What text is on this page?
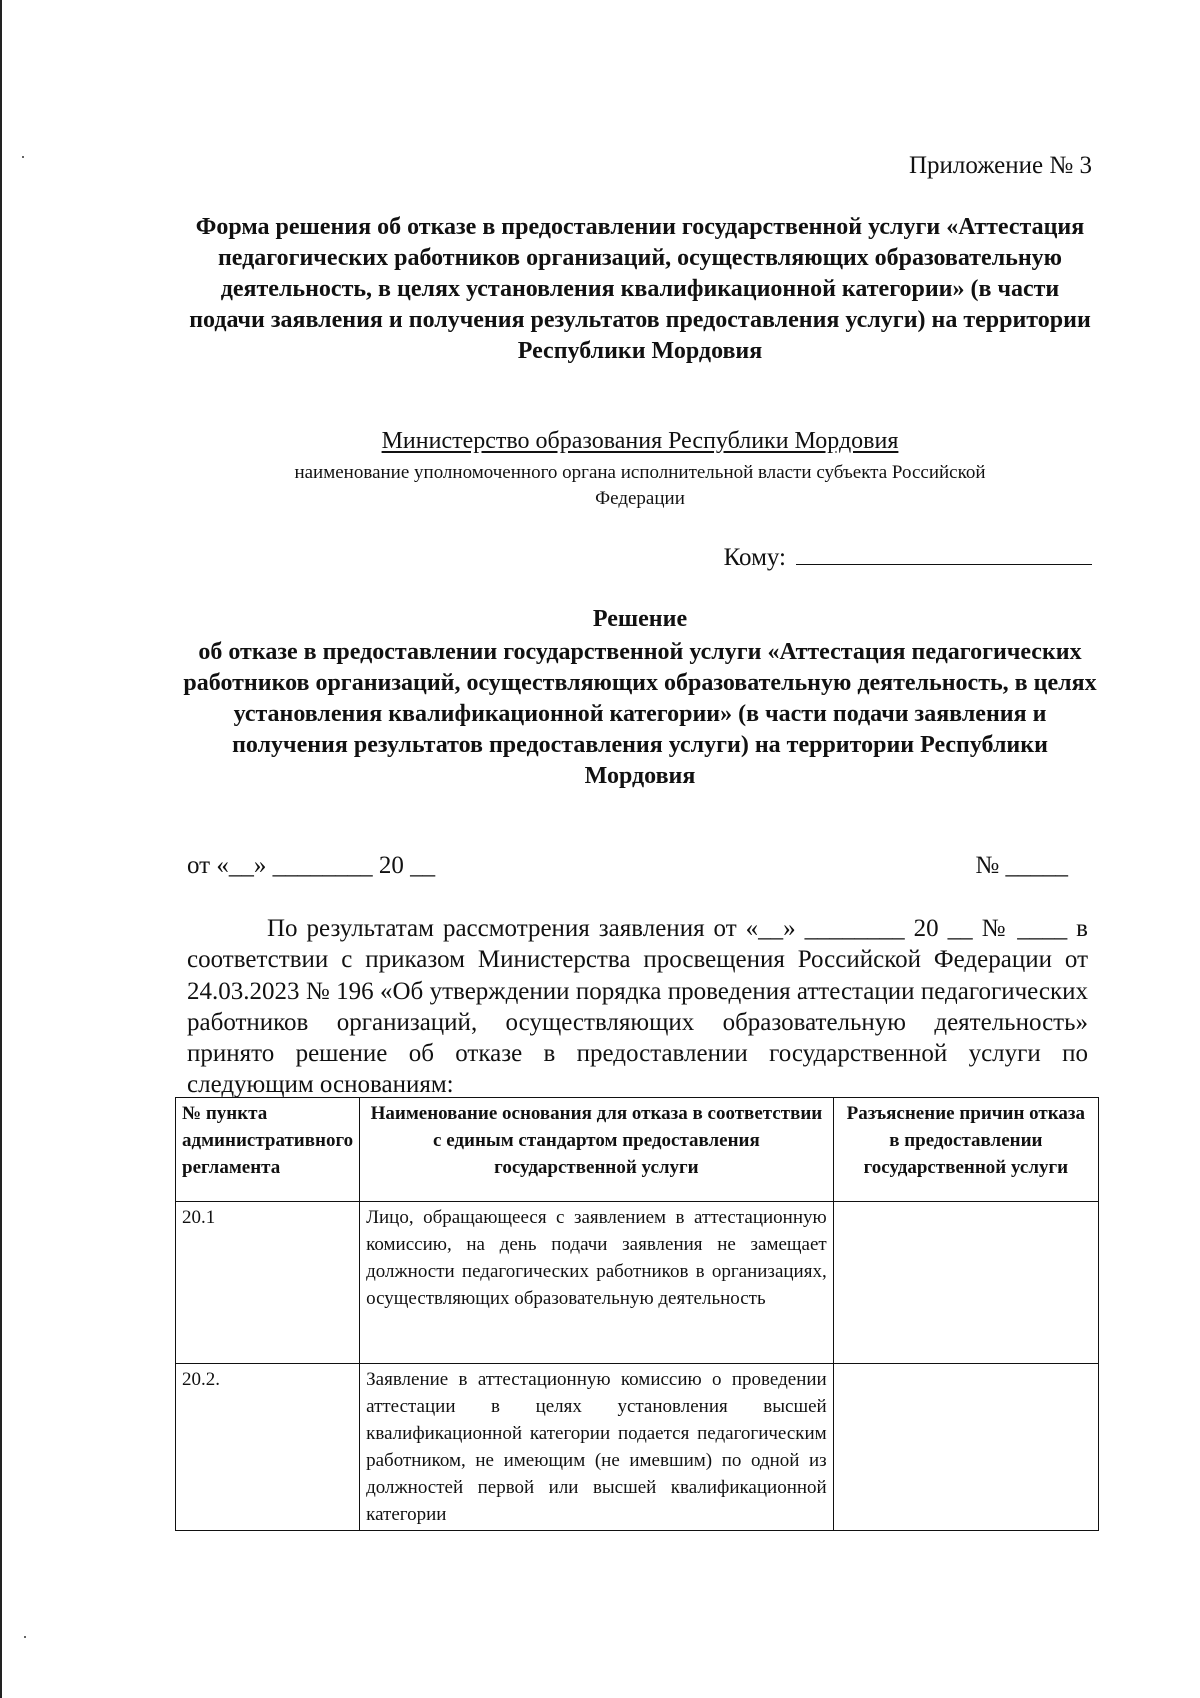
Приложение № 3
Форма решения об отказе в предоставлении государственной услуги «Аттестация педагогических работников организаций, осуществляющих образовательную деятельность, в целях установления квалификационной категории» (в части подачи заявления и получения результатов предоставления услуги) на территории Республики Мордовия
Министерство образования Республики Мордовия
наименование уполномоченного органа исполнительной власти субъекта Российской Федерации
Кому:
Решение
об отказе в предоставлении государственной услуги «Аттестация педагогических работников организаций, осуществляющих образовательную деятельность, в целях установления квалификационной категории» (в части подачи заявления и получения результатов предоставления услуги) на территории Республики Мордовия
от «__» ________ 20 __	№ _____
По результатам рассмотрения заявления от «__» ________ 20 __ № ____ в соответствии с приказом Министерства просвещения Российской Федерации от 24.03.2023 № 196 «Об утверждении порядка проведения аттестации педагогических работников организаций, осуществляющих образовательную деятельность» принято решение об отказе в предоставлении государственной услуги по следующим основаниям:
№ пункта административного регламента	Наименование основания для отказа в соответствии с единым стандартом предоставления государственной услуги	Разъяснение причин отказа в предоставлении государственной услуги
20.1	Лицо, обращающееся с заявлением в аттестационную комиссию, на день подачи заявления не замещает должности педагогических работников в организациях, осуществляющих образовательную деятельность	
20.2.	Заявление в аттестационную комиссию о проведении аттестации в целях установления высшей квалификационной категории подается педагогическим работником, не имеющим (не имевшим) по одной из должностей первой или высшей квалификационной категории	
